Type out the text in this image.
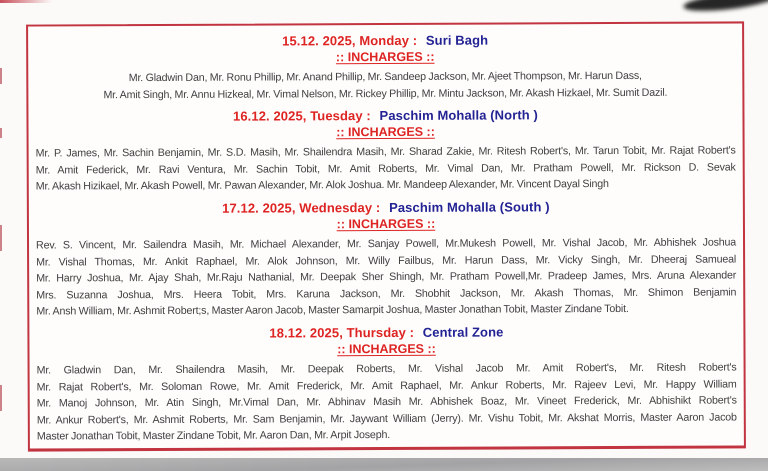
15.12. 2025, Monday : Suri Bagh
:: INCHARGES ::
Mr. Gladwin Dan, Mr. Ronu Phillip, Mr. Anand Phillip, Mr. Sandeep Jackson, Mr. Ajeet Thompson, Mr. Harun Dass,
Mr. Amit Singh, Mr. Annu Hizkeal, Mr. Vimal Nelson, Mr. Rickey Phillip, Mr. Mintu Jackson, Mr. Akash Hizkael, Mr. Sumit Dazil.
16.12. 2025, Tuesday : Paschim Mohalla (North )
:: INCHARGES ::
Mr. P. James, Mr. Sachin Benjamin, Mr. S.D. Masih, Mr. Shailendra Masih, Mr. Sharad Zakie, Mr. Ritesh Robert's, Mr. Tarun Tobit, Mr. Rajat Robert's
Mr. Amit Federick, Mr. Ravi Ventura, Mr. Sachin Tobit, Mr. Amit Roberts, Mr. Vimal Dan, Mr. Pratham Powell, Mr. Rickson D. Sevak
Mr. Akash Hizikael, Mr. Akash Powell, Mr. Pawan Alexander, Mr. Alok Joshua. Mr. Mandeep Alexander, Mr. Vincent Dayal Singh
17.12. 2025, Wednesday : Paschim Mohalla (South )
:: INCHARGES ::
Rev. S. Vincent, Mr. Sailendra Masih, Mr. Michael Alexander, Mr. Sanjay Powell, Mr.Mukesh Powell, Mr. Vishal Jacob, Mr. Abhishek Joshua
Mr. Vishal Thomas, Mr. Ankit Raphael, Mr. Alok Johnson, Mr. Willy Failbus, Mr. Harun Dass, Mr. Vicky Singh, Mr. Dheeraj Samueal
Mr. Harry Joshua, Mr. Ajay Shah, Mr.Raju Nathanial, Mr. Deepak Sher Shingh, Mr. Pratham Powell,Mr. Pradeep James, Mrs. Aruna Alexander
Mrs. Suzanna Joshua, Mrs. Heera Tobit, Mrs. Karuna Jackson, Mr. Shobhit Jackson, Mr. Akash Thomas, Mr. Shimon Benjamin
Mr. Ansh William, Mr. Ashmit Robert;s, Master Aaron Jacob, Master Samarpit Joshua, Master Jonathan Tobit, Master Zindane Tobit.
18.12. 2025, Thursday : Central Zone
:: INCHARGES ::
Mr. Gladwin Dan, Mr. Shailendra Masih, Mr. Deepak Roberts, Mr. Vishal Jacob Mr. Amit Robert's, Mr. Ritesh Robert's
Mr. Rajat Robert's, Mr. Soloman Rowe, Mr. Amit Frederick, Mr. Amit Raphael, Mr. Ankur Roberts, Mr. Rajeev Levi, Mr. Happy William
Mr. Manoj Johnson, Mr. Atin Singh, Mr.Vimal Dan, Mr. Abhinav Masih Mr. Abhishek Boaz, Mr. Vineet Frederick, Mr. Abhishikt Robert's
Mr. Ankur Robert's, Mr. Ashmit Roberts, Mr. Sam Benjamin, Mr. Jaywant William (Jerry). Mr. Vishu Tobit, Mr. Akshat Morris, Master Aaron Jacob
Master Jonathan Tobit, Master Zindane Tobit, Mr. Aaron Dan, Mr. Arpit Joseph.
